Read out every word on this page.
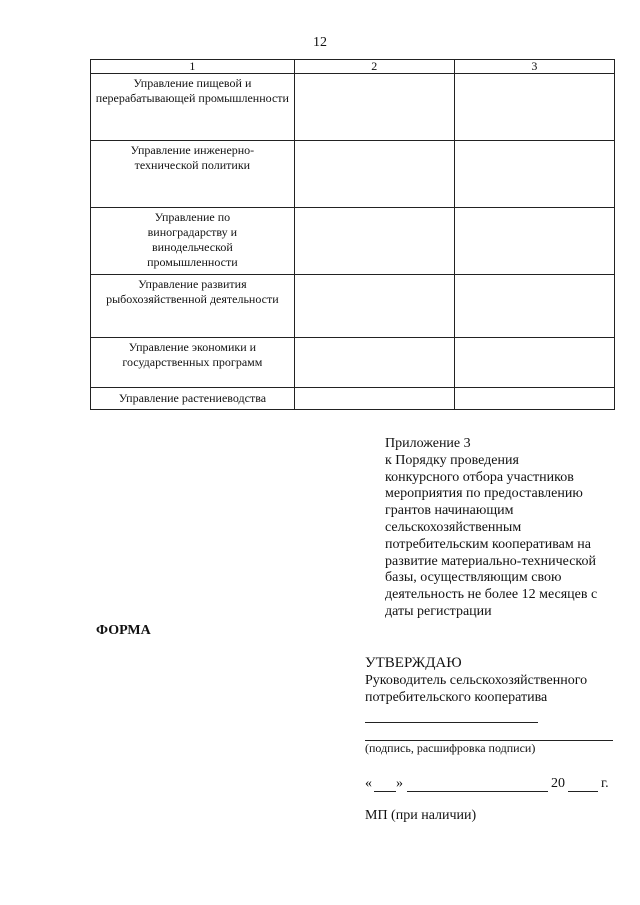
12
1	2	3

Управление пищевой и перерабатывающей промышленности		

Управление инженерно-технической политики		

Управление по виноградарству и винодельческой промышленности		

Управление развития рыбохозяйственной деятельности		

Управление экономики и государственных программ		

Управление растениеводства		

Приложение 3
к Порядку проведения
конкурсного отбора участников
мероприятия по предоставлению
грантов начинающим
сельскохозяйственным
потребительским кооперативам на
развитие материально-технической
базы, осуществляющим свою
деятельность не более 12 месяцев с
даты регистрации
ФОРМА
УТВЕРЖДАЮ
Руководитель сельскохозяйственного
потребительского кооператива
(подпись, расшифровка подписи)
« »	20	г.
МП (при наличии)
